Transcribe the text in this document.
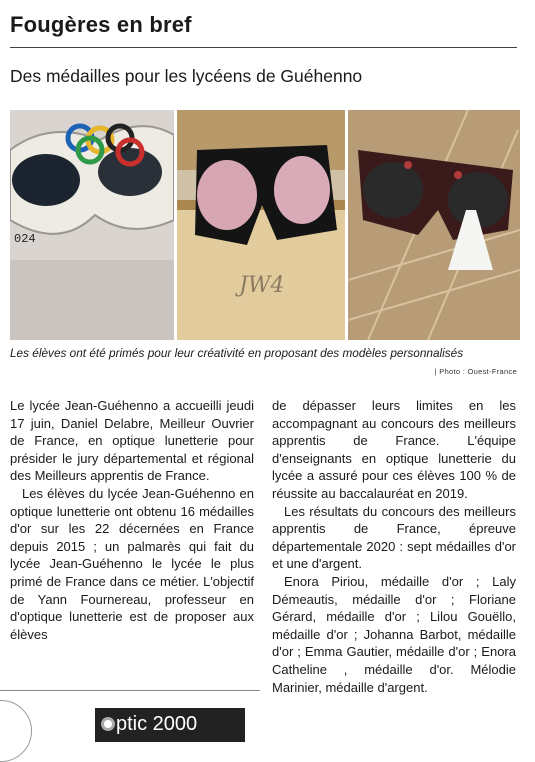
Fougères en bref
Des médailles pour les lycéens de Guéhenno
024
JW4
Les élèves ont été primés pour leur créativité en proposant des modèles personnalisés
| Photo : Ouest-France

Le lycée Jean-Guéhenno a accueilli jeudi 17 juin, Daniel Delabre, Meilleur Ouvrier de France, en optique lunetterie pour présider le jury départemental et régional des Meilleurs apprentis de France.

Les élèves du lycée Jean-Guéhenno en optique lunetterie ont obtenu 16 médailles d'or sur les 22 décernées en France depuis 2015 ; un palmarès qui fait du lycée Jean-Guéhenno le lycée le plus primé de France dans ce métier. L'objectif de Yann Fournereau, professeur en d'optique lunetterie est de proposer aux élèves

de dépasser leurs limites en les accompagnant au concours des meilleurs apprentis de France. L'équipe d'enseignants en optique lunetterie du lycée a assuré pour ces élèves 100 % de réussite au baccalauréat en 2019.

Les résultats du concours des meilleurs apprentis de France, épreuve départementale 2020 : sept médailles d'or et une d'argent.

Enora Piriou, médaille d'or ; Laly Démeautis, médaille d'or ; Floriane Gérard, médaille d'or ; Lilou Gouëllo, médaille d'or ; Johanna Barbot, médaille d'or ; Emma Gautier, médaille d'or ; Enora Catheline , médaille d'or. Mélodie Marinier, médaille d'argent.

ptic 2000
